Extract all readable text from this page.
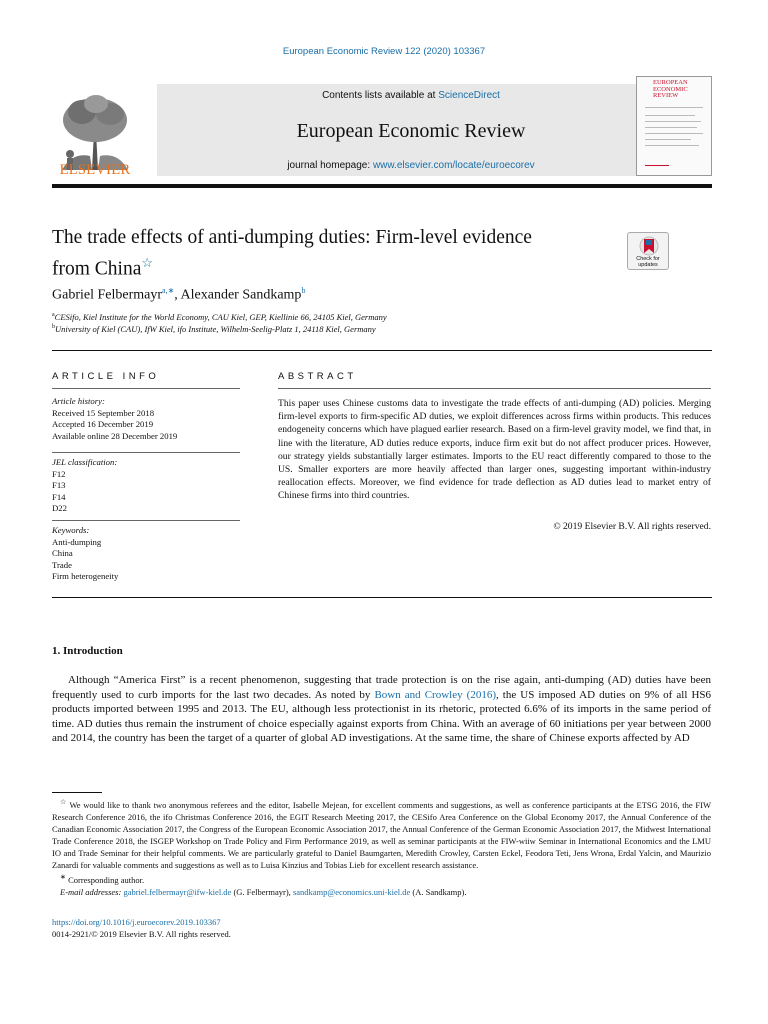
European Economic Review 122 (2020) 103367
ELSEVIER
Contents lists available at ScienceDirect
European Economic Review
journal homepage: www.elsevier.com/locate/euroecorev
EUROPEAN ECONOMIC REVIEW
The trade effects of anti-dumping duties: Firm-level evidence
from China☆	Check for updates
Gabriel Felbermayr$^{a,∗}$, Alexander Sandkamp$^b$
$^a$CESifo, Kiel Institute for the World Economy, CAU Kiel, GEP, Kiellinie 66, 24105 Kiel, Germany
$^b$University of Kiel (CAU), IfW Kiel, ifo Institute, Wilhelm-Seelig-Platz 1, 24118 Kiel, Germany
ARTICLE INFO	ABSTRACT
Article history:
Received 15 September 2018
Accepted 16 December 2019
Available online 28 December 2019
JEL classification:
F12
F13
F14
D22
Keywords:
Anti-dumping
China
Trade
Firm heterogeneity
This paper uses Chinese customs data to investigate the trade effects of anti-dumping (AD) policies. Merging firm-level exports to firm-specific AD duties, we exploit differences across firms within products. This reduces endogeneity concerns which have plagued earlier research. Based on a firm-level gravity model, we find that, in line with the literature, AD duties reduce exports, induce firm exit but do not affect producer prices. However, our strategy yields substantially larger estimates. Imports to the EU react differently compared to those to the US. Smaller exporters are more heavily affected than larger ones, suggesting important within-industry reallocation effects. Moreover, we find evidence for trade deflection as AD duties lead to market entry of Chinese firms into third countries.
© 2019 Elsevier B.V. All rights reserved.
1. Introduction
Although “America First” is a recent phenomenon, suggesting that trade protection is on the rise again, anti-dumping (AD) duties have been frequently used to curb imports for the last two decades. As noted by Bown and Crowley (2016), the US imposed AD duties on 9% of all HS6 products imported between 1995 and 2013. The EU, although less protectionist in its rhetoric, protected 6.6% of its imports in the same period of time. AD duties thus remain the instrument of choice especially against exports from China. With an average of 60 initiations per year between 2000 and 2014, the country has been the target of a quarter of global AD investigations. At the same time, the share of Chinese exports affected by AD

☆ We would like to thank two anonymous referees and the editor, Isabelle Mejean, for excellent comments and suggestions, as well as conference participants at the ETSG 2016, the FIW Research Conference 2016, the ifo Christmas Conference 2016, the EGIT Research Meeting 2017, the CESifo Area Conference on the Global Economy 2017, the Annual Conference of the Canadian Economic Association 2017, the Congress of the European Economic Association 2017, the Annual Conference of the German Economic Association 2017, the Midwest International Trade Conference 2018, the ISGEP Workshop on Trade Policy and Firm Performance 2019, as well as seminar participants at the FIW-wiiw Seminar in International Economics and the LMU IO and Trade Seminar for their helpful comments. We are particularly grateful to Daniel Baumgarten, Meredith Crowley, Carsten Eckel, Feodora Teti, Jens Wrona, Erdal Yalcin, and Maurizio Zanardi for valuable comments and suggestions as well as to Luisa Kinzius and Tobias Lieb for excellent research assistance.

∗ Corresponding author.

E-mail addresses: gabriel.felbermayr@ifw-kiel.de (G. Felbermayr), sandkamp@economics.uni-kiel.de (A. Sandkamp).

https://doi.org/10.1016/j.euroecorev.2019.103367
0014-2921/© 2019 Elsevier B.V. All rights reserved.
